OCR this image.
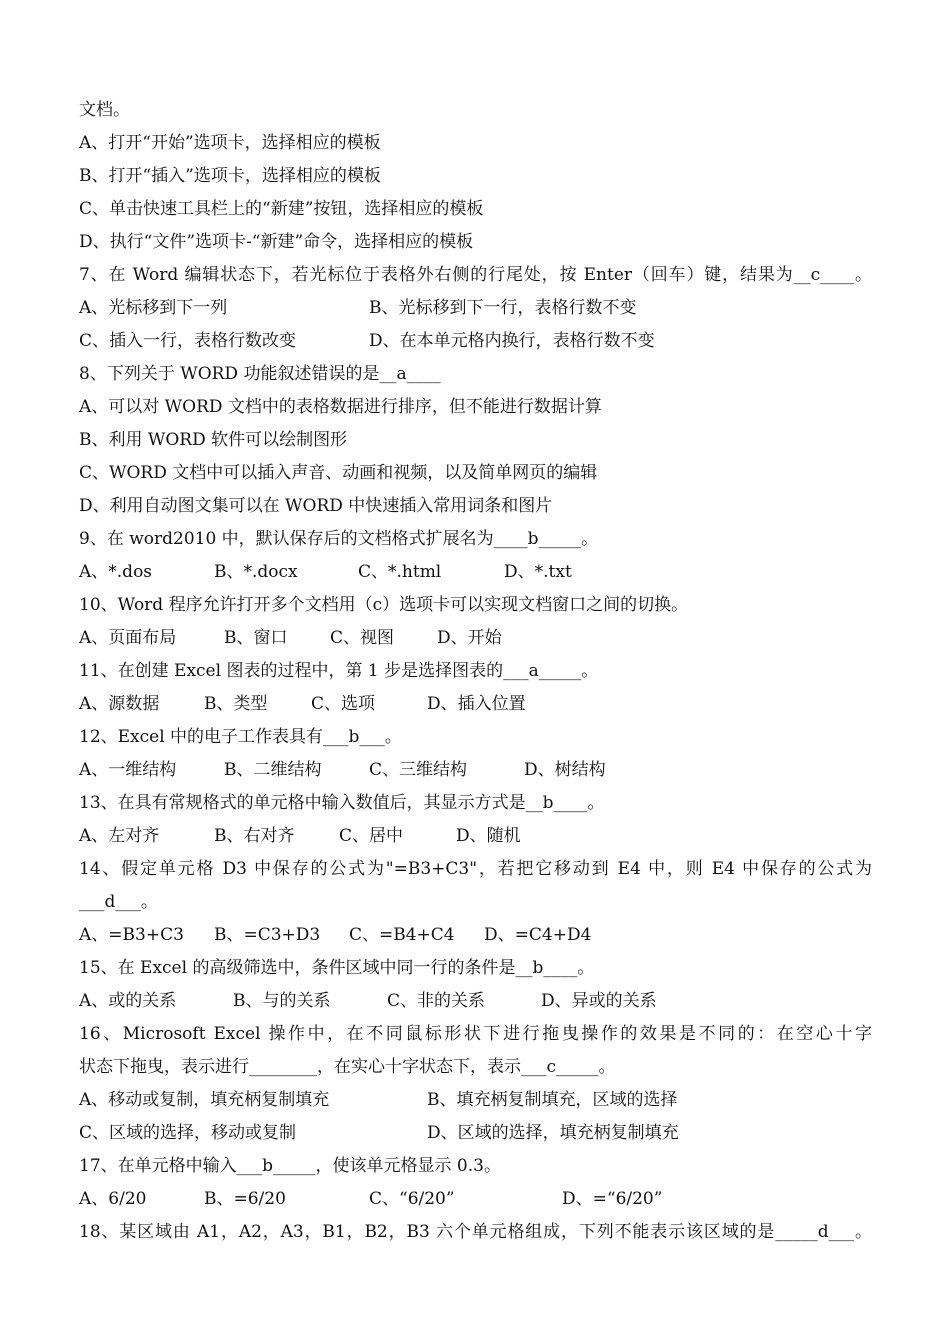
文档。
A、打开“开始”选项卡，选择相应的模板
B、打开“插入”选项卡，选择相应的模板
C、单击快速工具栏上的“新建”按钮，选择相应的模板
D、执行“文件”选项卡-“新建”命令，选择相应的模板
7、在 Word 编辑状态下，若光标位于表格外右侧的行尾处，按 Enter（回车）键，结果为__c____。
A、光标移到下一列	B、光标移到下一行，表格行数不变
C、插入一行，表格行数改变	D、在本单元格内换行，表格行数不变
8、下列关于 WORD 功能叙述错误的是__a____
A、可以对 WORD 文档中的表格数据进行排序，但不能进行数据计算
B、利用 WORD 软件可以绘制图形
C、WORD 文档中可以插入声音、动画和视频，以及简单网页的编辑
D、利用自动图文集可以在 WORD 中快速插入常用词条和图片
9、在 word2010 中，默认保存后的文档格式扩展名为____b_____。
A、*.dos	B、*.docx	C、*.html	D、*.txt
10、Word 程序允许打开多个文档用（c）选项卡可以实现文档窗口之间的切换。
A、页面布局	B、窗口	C、视图	D、开始
11、在创建 Excel 图表的过程中，第 1 步是选择图表的___a_____。
A、源数据	B、类型	C、选项	D、插入位置
12、Excel 中的电子工作表具有___b___。
A、一维结构	B、二维结构	C、三维结构	D、树结构
13、在具有常规格式的单元格中输入数值后，其显示方式是__b____。
A、左对齐	B、右对齐	C、居中	D、随机
14、假定单元格 D3 中保存的公式为"=B3+C3"，若把它移动到 E4 中，则 E4 中保存的公式为
___d___。
A、=B3+C3 B、=C3+D3 C、=B4+C4 D、=C4+D4
15、在 Excel 的高级筛选中，条件区域中同一行的条件是__b____。
A、或的关系	B、与的关系	C、非的关系	D、异或的关系
16、Microsoft Excel 操作中，在不同鼠标形状下进行拖曳操作的效果是不同的：在空心十字
状态下拖曳，表示进行________，在实心十字状态下，表示___c_____。
A、移动或复制，填充柄复制填充	B、填充柄复制填充，区域的选择
C、区域的选择，移动或复制	D、区域的选择，填充柄复制填充
17、在单元格中输入___b_____，使该单元格显示 0.3。
A、6/20	B、=6/20	C、“6/20”	D、=“6/20”
18、某区域由 A1，A2，A3，B1，B2，B3 六个单元格组成，下列不能表示该区域的是_____d___。
